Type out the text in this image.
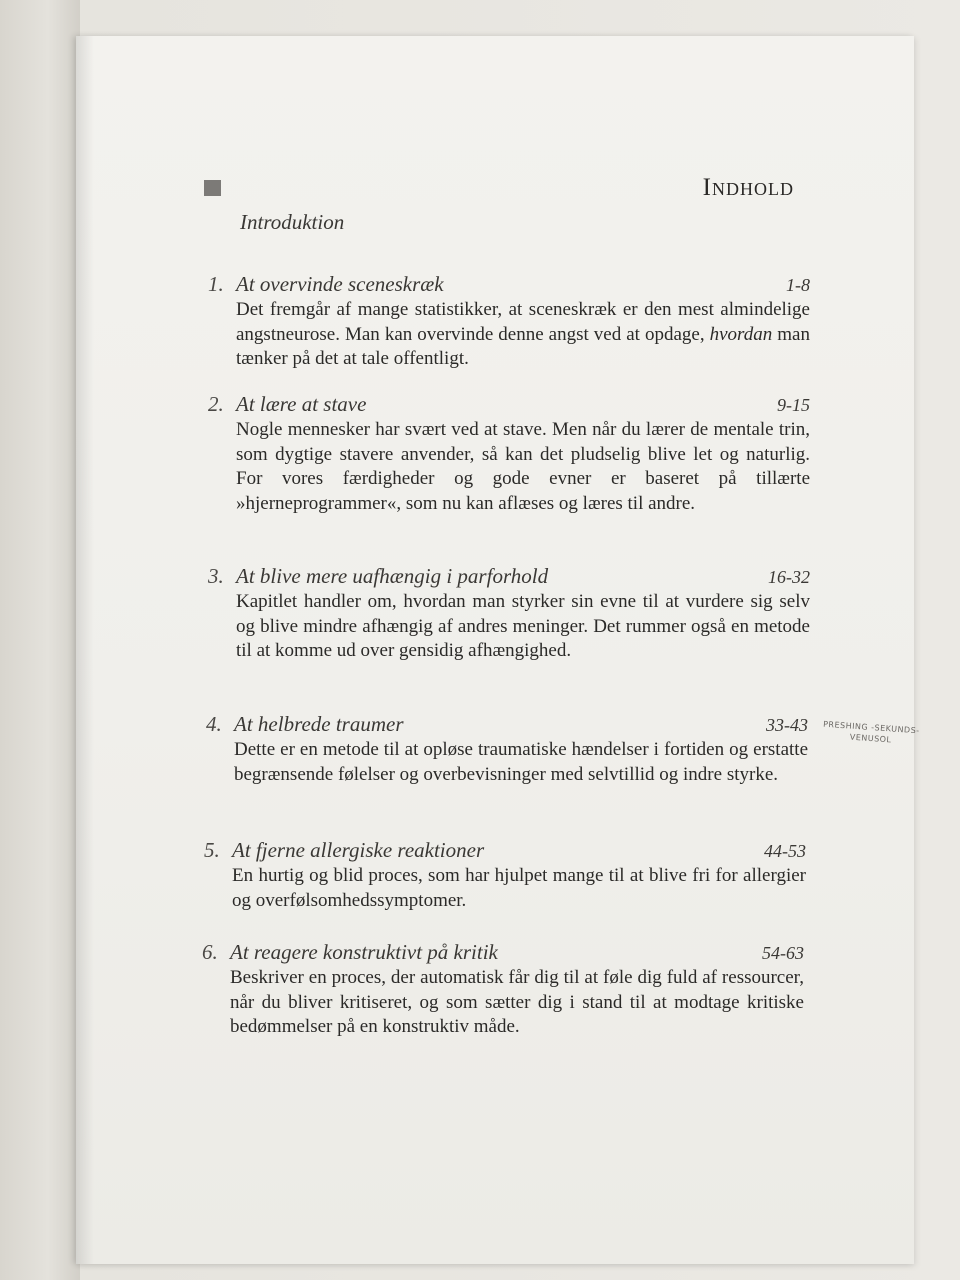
Indhold
Introduktion
1. At overvinde sceneskræk	1-8
Det fremgår af mange statistikker, at sceneskræk er den mest almindelige angstneurose. Man kan overvinde denne angst ved at opdage, hvordan man tænker på det at tale offentligt.
2. At lære at stave	9-15
Nogle mennesker har svært ved at stave. Men når du lærer de mentale trin, som dygtige stavere anvender, så kan det pludselig blive let og naturlig. For vores færdigheder og gode evner er baseret på tillærte »hjerneprogrammer«, som nu kan aflæses og læres til andre.
3. At blive mere uafhængig i parforhold	16-32
Kapitlet handler om, hvordan man styrker sin evne til at vurdere sig selv og blive mindre afhængig af andres meninger. Det rummer også en metode til at komme ud over gensidig afhængighed.
4. At helbrede traumer	33-43
Dette er en metode til at opløse traumatiske hændelser i fortiden og erstatte begrænsende følelser og overbevisninger med selvtillid og indre styrke.
5. At fjerne allergiske reaktioner	44-53
En hurtig og blid proces, som har hjulpet mange til at blive fri for allergier og overfølsomhedssymptomer.
6. At reagere konstruktivt på kritik	54-63
Beskriver en proces, der automatisk får dig til at føle dig fuld af ressourcer, når du bliver kritiseret, og som sætter dig i stand til at modtage kritiske bedømmelser på en konstruktiv måde.
PRESHING -SEKUNDS- VENUSOL
